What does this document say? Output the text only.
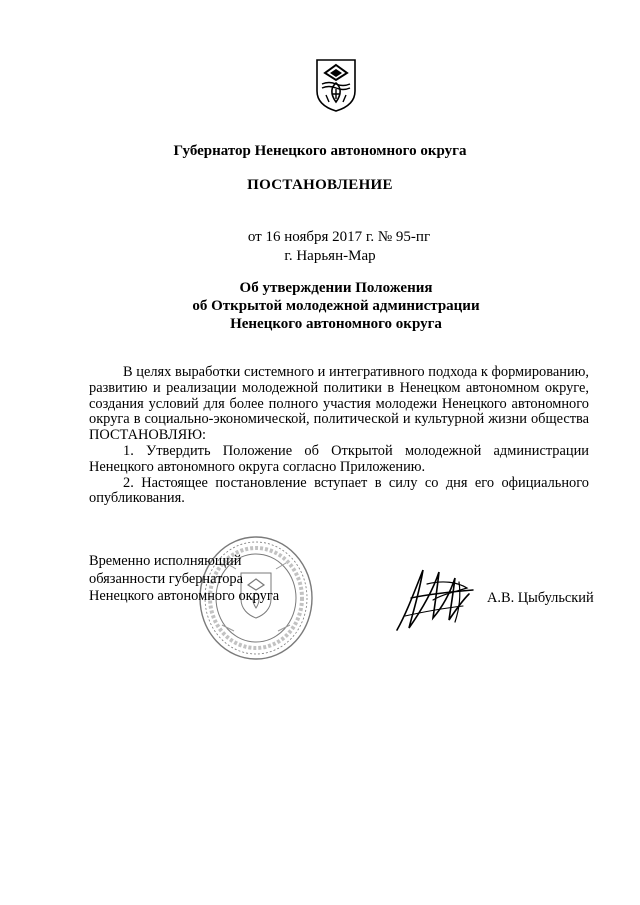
Губернатор Ненецкого автономного округа
ПОСТАНОВЛЕНИЕ
от 16 ноября 2017 г. № 95-пг
г. Нарьян-Мар
Об утверждении Положения
об Открытой молодежной администрации
Ненецкого автономного округа

В целях выработки системного и интегративного подхода к формированию, развитию и реализации молодежной политики в Ненецком автономном округе, создания условий для более полного участия молодежи Ненецкого автономного округа в социально-экономической, политической и культурной жизни общества ПОСТАНОВЛЯЮ:

1. Утвердить Положение об Открытой молодежной администрации Ненецкого автономного округа согласно Приложению.

2. Настоящее постановление вступает в силу со дня его официального опубликования.

Временно исполняющий
обязанности губернатора
Ненецкого автономного округа	А.В. Цыбульский
